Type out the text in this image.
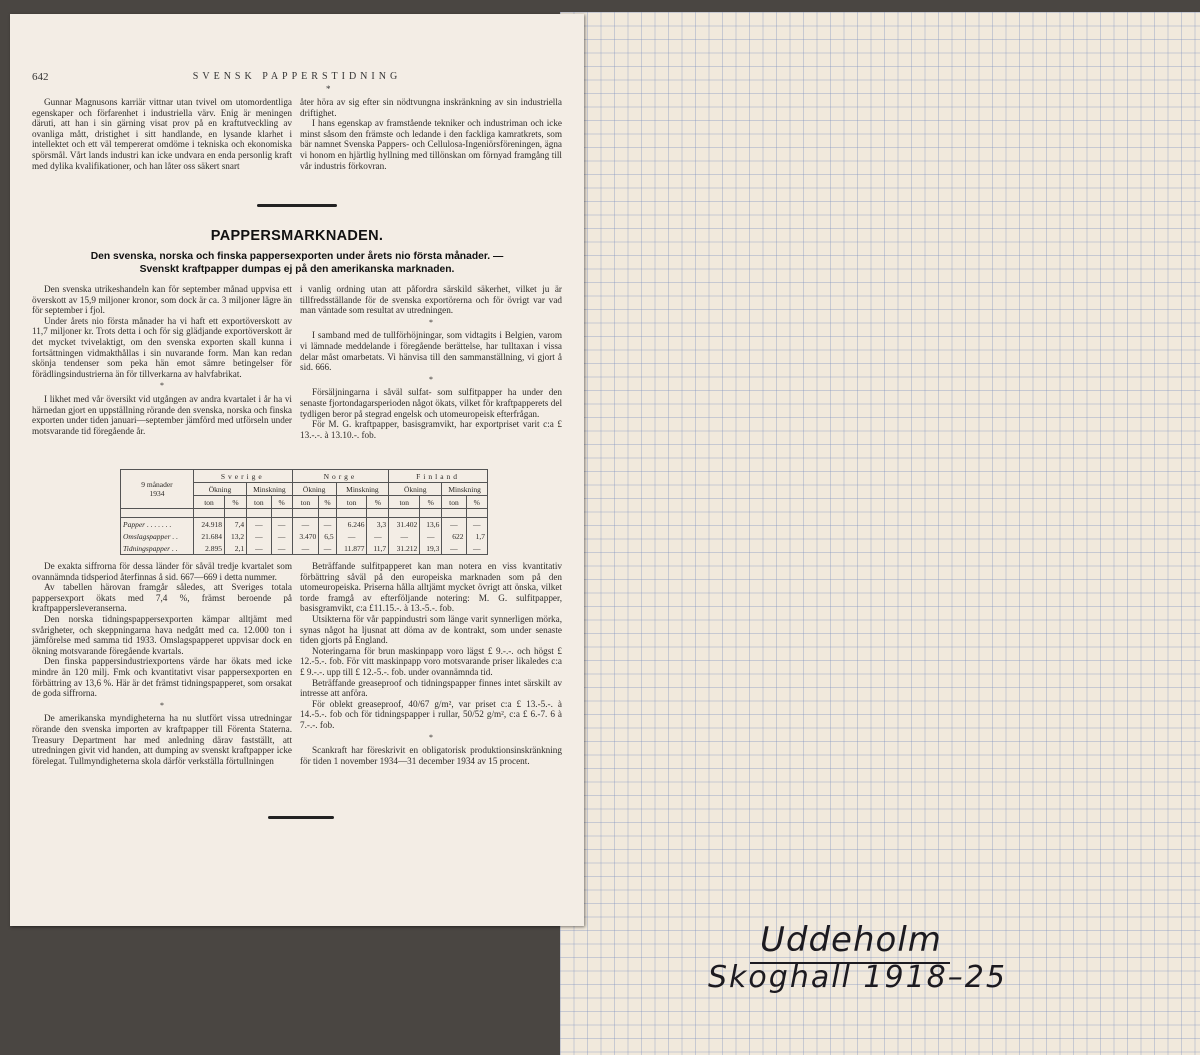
Uddeholm
Skoghall 1918–25
642	SVENSK PAPPERSTIDNING
*

Gunnar Magnusons karriär vittnar utan tvivel om utomordentliga egenskaper och förfarenhet i industriella värv. Enig är meningen däruti, att han i sin gärning visat prov på en kraftutveckling av ovanliga mått, dristighet i sitt handlande, en lysande klarhet i intellektet och ett väl tempererat omdöme i tekniska och ekonomiska spörsmål. Vårt lands industri kan icke undvara en enda personlig kraft med dylika kvalifikationer, och han låter oss säkert snart

åter höra av sig efter sin nödtvungna inskränkning av sin industriella driftighet.

I hans egenskap av framstående tekniker och industriman och icke minst såsom den främste och ledande i den fackliga kamratkrets, som bär namnet Svenska Pappers- och Cellulosa-Ingeniörsföreningen, ägna vi honom en hjärtlig hyllning med tillönskan om förnyad framgång till vår industris förkovran.

PAPPERSMARKNADEN.
Den svenska, norska och finska pappersexporten under årets nio första månader. —
Svenskt kraftpapper dumpas ej på den amerikanska marknaden.

Den svenska utrikeshandeln kan för september månad uppvisa ett överskott av 15,9 miljoner kronor, som dock är ca. 3 miljoner lägre än för september i fjol.

Under årets nio första månader ha vi haft ett exportöverskott av 11,7 miljoner kr. Trots detta i och för sig glädjande exportöverskott är det mycket tvivelaktigt, om den svenska exporten skall kunna i fortsättningen vidmakthållas i sin nuvarande form. Man kan redan skönja tendenser som peka hän emot sämre betingelser för förädlingsindustrierna än för tillverkarna av halvfabrikat.

*

I likhet med vår översikt vid utgången av andra kvartalet i år ha vi härnedan gjort en uppställning rörande den svenska, norska och finska exporten under tiden januari—september jämförd med utförseln under motsvarande tid föregående år.

i vanlig ordning utan att påfordra särskild säkerhet, vilket ju är tillfredsställande för de svenska exportörerna och för övrigt var vad man väntade som resultat av utredningen.

*

I samband med de tullförhöjningar, som vidtagits i Belgien, varom vi lämnade meddelande i föregående berättelse, har tulltaxan i vissa delar måst omarbetats. Vi hänvisa till den sammanställning, vi gjort å sid. 666.

*

Försäljningarna i såväl sulfat- som sulfitpapper ha under den senaste fjortondagarsperioden något ökats, vilket för kraftpapperets del tydligen beror på stegrad engelsk och utomeuropeisk efterfrågan.

För M. G. kraftpapper, basisgramvikt, har exportpriset varit c:a £ 13.-.-. à 13.10.-. fob.

9 månader
1934	Sverige				Norge				Finland			
	Ökning		Minskning		Ökning		Minskning		Ökning		Minskning	
	ton	%	ton	%	ton	%	ton	%	ton	%	ton	%

Papper . . . . . . .	24.918	7,4	—	—	—	—	6.246	3,3	31.402	13,6	—	—
Omslagspapper . .	21.684	13,2	—	—	3.470	6,5	—	—	—	—	622	1,7
Tidningspapper . .	2.895	2,1	—	—	—	—	11.877	11,7	31.212	19,3	—	—

De exakta siffrorna för dessa länder för såväl tredje kvartalet som ovannämnda tidsperiod återfinnas å sid. 667—669 i detta nummer.

Av tabellen härovan framgår således, att Sveriges totala pappersexport ökats med 7,4 %, främst beroende på kraftpappersleveranserna.

Den norska tidningspappersexporten kämpar alltjämt med svårigheter, och skeppningarna hava nedgått med ca. 12.000 ton i jämförelse med samma tid 1933. Omslagspapperet uppvisar dock en ökning motsvarande föregående kvartals.

Den finska pappersindustriexportens värde har ökats med icke mindre än 120 milj. Fmk och kvantitativt visar pappersexporten en förbättring av 13,6 %. Här är det främst tidningspapperet, som orsakat de goda siffrorna.

*

De amerikanska myndigheterna ha nu slutfört vissa utredningar rörande den svenska importen av kraftpapper till Förenta Staterna. Treasury Department har med anledning därav fastställt, att utredningen givit vid handen, att dumping av svenskt kraftpapper icke förelegat. Tullmyndigheterna skola därför verkställa förtullningen

Beträffande sulfitpapperet kan man notera en viss kvantitativ förbättring såväl på den europeiska marknaden som på den utomeuropeiska. Priserna hålla alltjämt mycket övrigt att önska, vilket torde framgå av efterföljande notering: M. G. sulfitpapper, basisgramvikt, c:a £11.15.-. à 13.-5.-. fob.

Utsikterna för vår pappindustri som länge varit synnerligen mörka, synas något ha ljusnat att döma av de kontrakt, som under senaste tiden gjorts på England.

Noteringarna för brun maskinpapp voro lägst £ 9.-.-. och högst £ 12.-5.-. fob. För vitt maskinpapp voro motsvarande priser likaledes c:a £ 9.-.-. upp till £ 12.-5.-. fob. under ovannämnda tid.

Beträffande greaseproof och tidningspapper finnes intet särskilt av intresse att anföra.

För oblekt greaseproof, 40/67 g/m², var priset c:a £ 13.-5.-. à 14.-5.-. fob och för tidningspapper i rullar, 50/52 g/m², c:a £ 6.-7. 6 à 7.-.-. fob.

*

Scankraft har föreskrivit en obligatorisk produktionsinskränkning för tiden 1 november 1934—31 december 1934 av 15 procent.
